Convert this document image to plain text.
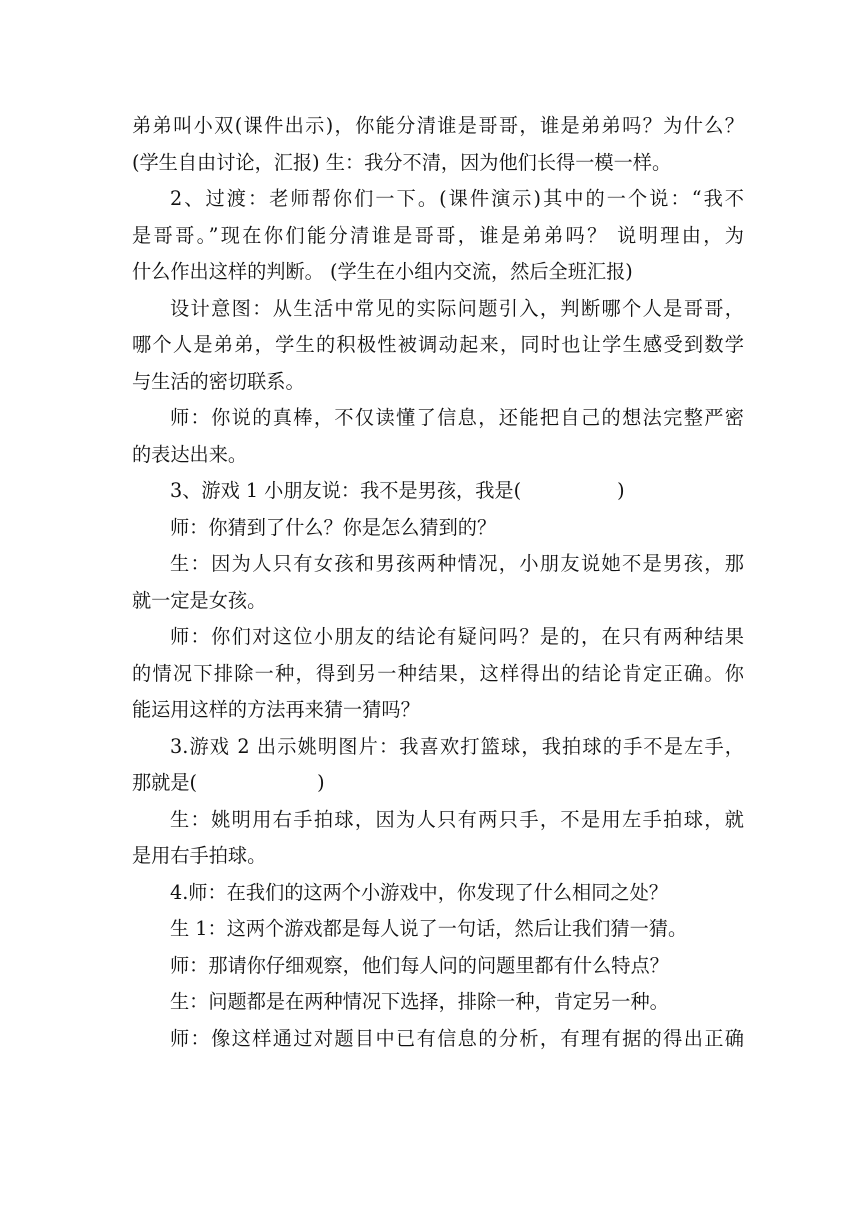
弟弟叫小双(课件出示)，你能分清谁是哥哥，谁是弟弟吗？为什么？
(学生自由讨论，汇报) 生：我分不清，因为他们长得一模一样。
2、过渡：老师帮你们一下。(课件演示)其中的一个说：“我不
是哥哥。”现在你们能分清谁是哥哥，谁是弟弟吗？ 说明理由，为
什么作出这样的判断。 (学生在小组内交流，然后全班汇报)
设计意图：从生活中常见的实际问题引入，判断哪个人是哥哥，
哪个人是弟弟，学生的积极性被调动起来，同时也让学生感受到数学
与生活的密切联系。
师：你说的真棒，不仅读懂了信息，还能把自己的想法完整严密
的表达出来。
3、游戏 1 小朋友说：我不是男孩，我是(	)
师：你猜到了什么？你是怎么猜到的？
生：因为人只有女孩和男孩两种情况，小朋友说她不是男孩，那
就一定是女孩。
师：你们对这位小朋友的结论有疑问吗？是的，在只有两种结果
的情况下排除一种，得到另一种结果，这样得出的结论肯定正确。你
能运用这样的方法再来猜一猜吗？
3.游戏 2 出示姚明图片：我喜欢打篮球，我拍球的手不是左手，
那就是(	)
生：姚明用右手拍球，因为人只有两只手，不是用左手拍球，就
是用右手拍球。
4.师：在我们的这两个小游戏中，你发现了什么相同之处？
生 1：这两个游戏都是每人说了一句话，然后让我们猜一猜。
师：那请你仔细观察，他们每人问的问题里都有什么特点？
生：问题都是在两种情况下选择，排除一种，肯定另一种。
师：像这样通过对题目中已有信息的分析，有理有据的得出正确
